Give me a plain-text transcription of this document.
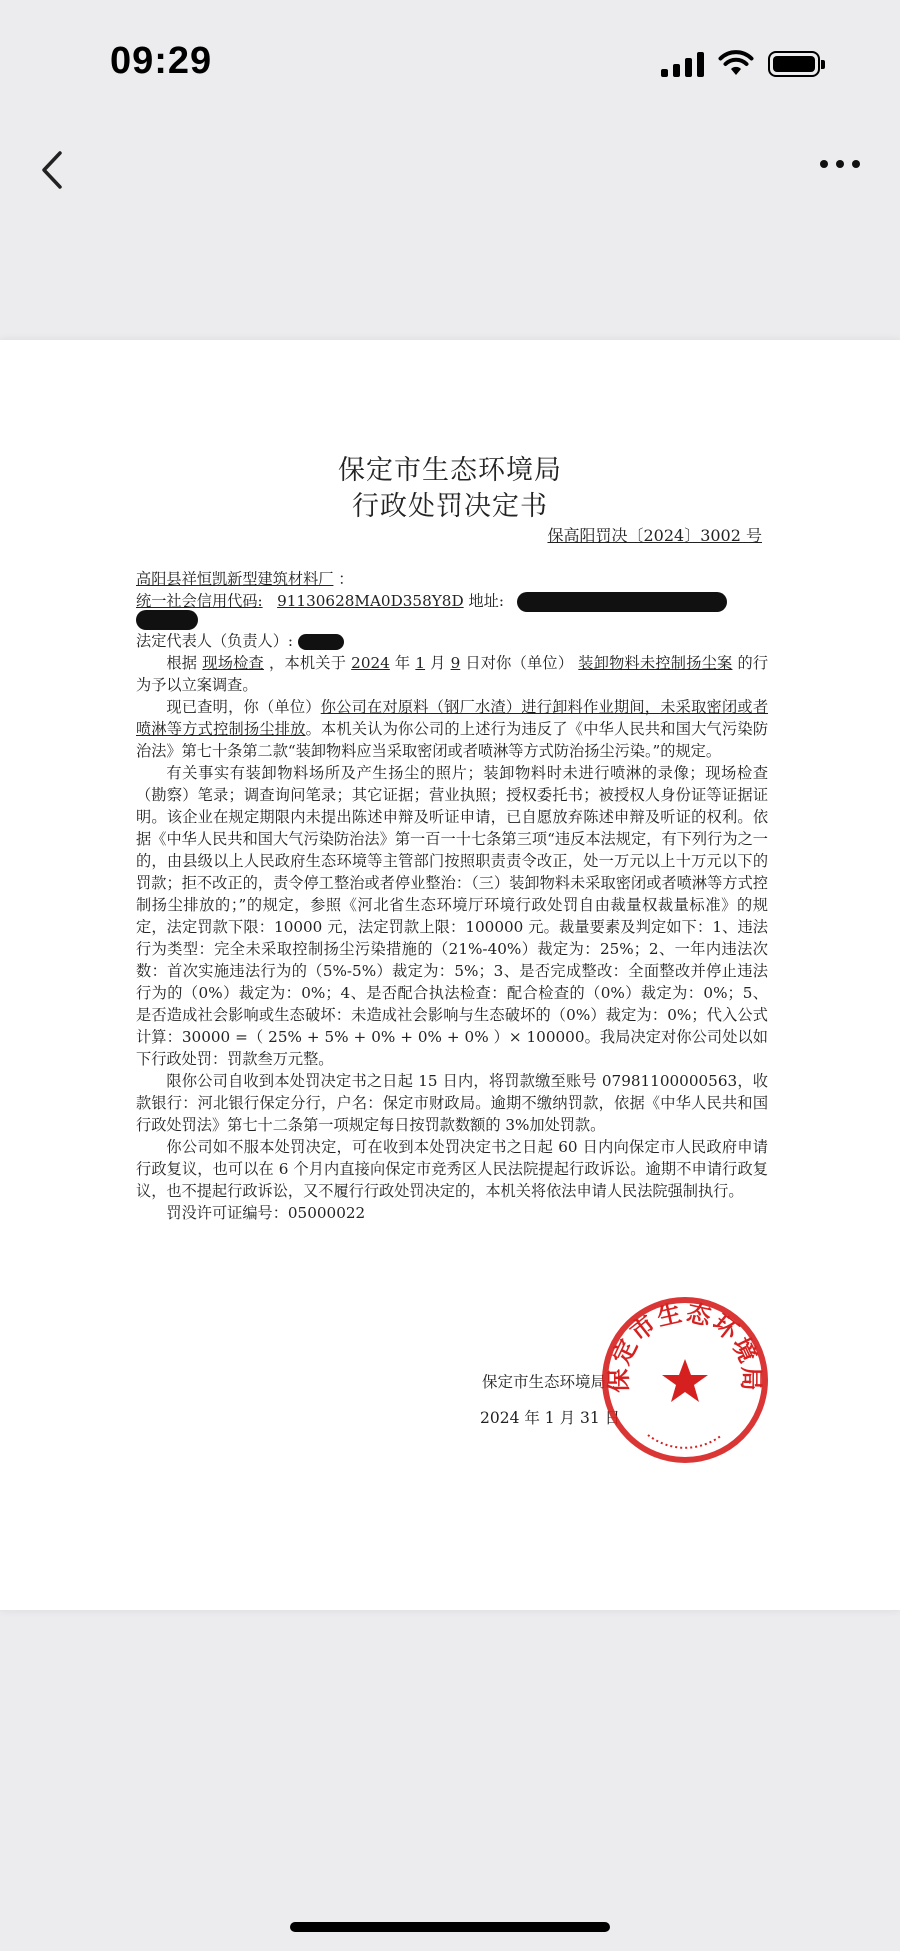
09:29
保定市生态环境局
行政处罚决定书
保高阳罚决〔2024〕3002 号

高阳县祥恒凯新型建筑材料厂 ：

统一社会信用代码: 91130628MA0D358Y8D 地址:

法定代表人（负责人）:

根据 现场检查 ，本机关于 2024 年 1 月 9 日对你（单位） 装卸物料未控制扬尘案 的行为予以立案调查。

现已查明，你（单位）你公司在对原料（钢厂水渣）进行卸料作业期间，未采取密闭或者喷淋等方式控制扬尘排放。本机关认为你公司的上述行为违反了《中华人民共和国大气污染防治法》第七十条第二款“装卸物料应当采取密闭或者喷淋等方式防治扬尘污染。”的规定。

有关事实有装卸物料场所及产生扬尘的照片；装卸物料时未进行喷淋的录像；现场检查（勘察）笔录；调查询问笔录；其它证据；营业执照；授权委托书；被授权人身份证等证据证明。该企业在规定期限内未提出陈述申辩及听证申请，已自愿放弃陈述申辩及听证的权利。依据《中华人民共和国大气污染防治法》第一百一十七条第三项“违反本法规定，有下列行为之一的，由县级以上人民政府生态环境等主管部门按照职责责令改正，处一万元以上十万元以下的罚款；拒不改正的，责令停工整治或者停业整治：（三）装卸物料未采取密闭或者喷淋等方式控制扬尘排放的；”的规定，参照《河北省生态环境厅环境行政处罚自由裁量权裁量标准》的规定，法定罚款下限：10000 元，法定罚款上限：100000 元。裁量要素及判定如下：1、违法行为类型：完全未采取控制扬尘污染措施的（21%-40%）裁定为：25%；2、一年内违法次数：首次实施违法行为的（5%-5%）裁定为：5%；3、是否完成整改：全面整改并停止违法行为的（0%）裁定为：0%；4、是否配合执法检查：配合检查的（0%）裁定为：0%；5、是否造成社会影响或生态破坏：未造成社会影响与生态破坏的（0%）裁定为：0%；代入公式计算：30000 =（ 25% + 5% + 0% + 0% + 0% ）× 100000。我局决定对你公司处以如下行政处罚：罚款叁万元整。

限你公司自收到本处罚决定书之日起 15 日内，将罚款缴至账号 07981100000563，收款银行：河北银行保定分行，户名：保定市财政局。逾期不缴纳罚款，依据《中华人民共和国行政处罚法》第七十二条第一项规定每日按罚款数额的 3%加处罚款。

你公司如不服本处罚决定，可在收到本处罚决定书之日起 60 日内向保定市人民政府申请行政复议，也可以在 6 个月内直接向保定市竞秀区人民法院提起行政诉讼。逾期不申请行政复议，也不提起行政诉讼，又不履行行政处罚决定的，本机关将依法申请人民法院强制执行。

罚没许可证编号：05000022

保定市生态环境局
2024 年 1 月 31 日
保定市生态环境局
